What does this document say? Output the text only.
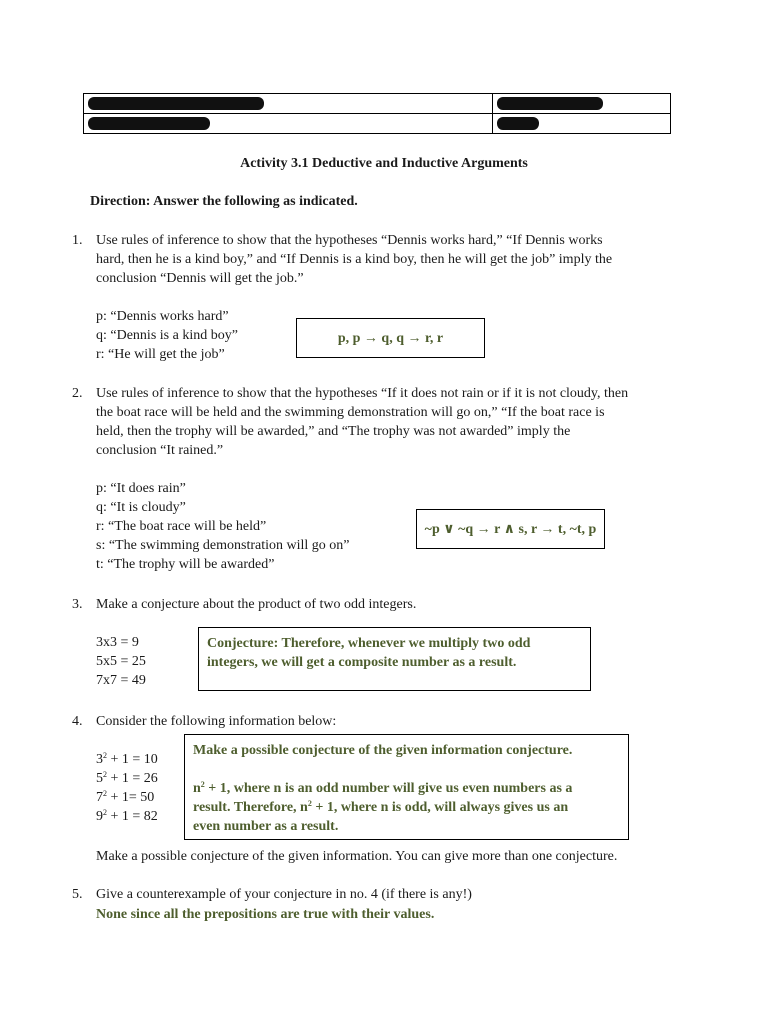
Activity 3.1 Deductive and Inductive Arguments
Direction: Answer the following as indicated.
1. Use rules of inference to show that the hypotheses “Dennis works hard,” “If Dennis works
hard, then he is a kind boy,” and “If Dennis is a kind boy, then he will get the job” imply the
conclusion “Dennis will get the job.”
p: “Dennis works hard”
q: “Dennis is a kind boy”
r: “He will get the job”
p, p → q, q → r, r
2. Use rules of inference to show that the hypotheses “If it does not rain or if it is not cloudy, then
the boat race will be held and the swimming demonstration will go on,” “If the boat race is
held, then the trophy will be awarded,” and “The trophy was not awarded” imply the
conclusion “It rained.”
p: “It does rain”
q: “It is cloudy”
r: “The boat race will be held”
s: “The swimming demonstration will go on”
t: “The trophy will be awarded”
~p ∨ ~q → r ∧ s, r → t, ~t, p
3. Make a conjecture about the product of two odd integers.
3x3 = 9
5x5 = 25
7x7 = 49
Conjecture: Therefore, whenever we multiply two odd
integers, we will get a composite number as a result.
4. Consider the following information below:
$3^2 + 1 = 10$
$5^2 + 1 = 26$
$7^2 + 1= 50$
$9^2 + 1 = 82$
Make a possible conjecture of the given information conjecture.
$n^2 + 1$, where n is an odd number will give us even numbers as a
result. Therefore, $n^2 + 1$, where n is odd, will always gives us an
even number as a result.
Make a possible conjecture of the given information. You can give more than one conjecture.
5. Give a counterexample of your conjecture in no. 4 (if there is any!)
None since all the prepositions are true with their values.
